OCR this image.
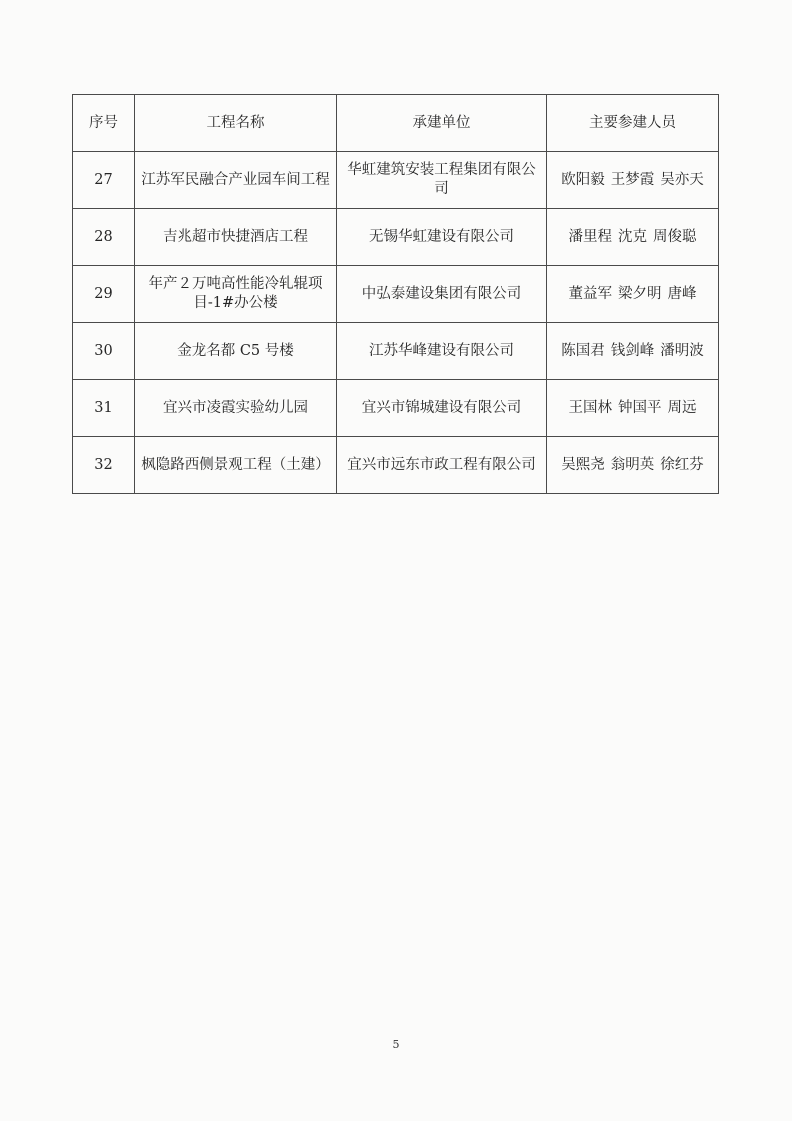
序号	工程名称	承建单位	主要参建人员
27	江苏军民融合产业园车间工程	华虹建筑安装工程集团有限公司	欧阳毅 王梦霞 吴亦天
28	吉兆超市快捷酒店工程	无锡华虹建设有限公司	潘里程 沈克 周俊聪
29	年产２万吨高性能冷轧辊项目-1#办公楼	中弘泰建设集团有限公司	董益军 梁夕明 唐峰
30	金龙名都 C5 号楼	江苏华峰建设有限公司	陈国君 钱剑峰 潘明波
31	宜兴市凌霞实验幼儿园	宜兴市锦城建设有限公司	王国林 钟国平 周远
32	枫隐路西侧景观工程（土建）	宜兴市远东市政工程有限公司	吴熙尧 翁明英 徐红芬
5
